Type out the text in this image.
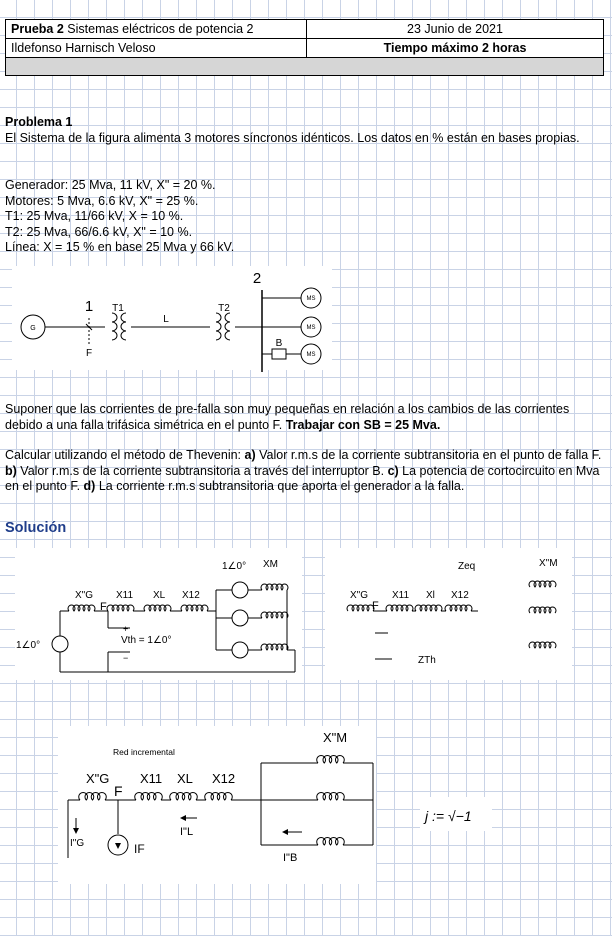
Prueba 2 Sistemas eléctricos de potencia 2	23 Junio de 2021
Ildefonso Harnisch Veloso	Tiempo máximo 2 horas

Problema 1
El Sistema de la figura alimenta 3 motores síncronos idénticos. Los datos en % están en bases propias.
Generador: 25 Mva, 11 kV, X" = 20 %.
Motores: 5 Mva, 6.6 kV, X" = 25 %.
T1: 25 Mva, 11/66 kV, X = 10 %.
T2: 25 Mva, 66/6.6 kV, X" = 10 %.
Línea: X = 15 % en base 25 Mva y 66 kV.
G
1
F
T1
L
T2
2
B
MS
MS
MS
Suponer que las corrientes de pre-falla son muy pequeñas en relación a los cambios de las corrientes debido a una falla trifásica simétrica en el punto F. Trabajar con SB = 25 Mva.
Calcular utilizando el método de Thevenin: a) Valor r.m.s de la corriente subtransitoria en el punto de falla F. b) Valor r.m.s de la corriente subtransitoria a través del interruptor B. c) La potencia de cortocircuito en Mva en el punto F. d) La corriente r.m.s subtransitoria que aporta el generador a la falla.
Solución
1∠0°
1∠0°
X"G X11 XL X12
XM
F
Vth = 1∠0°
+
−
Zeq	X"M
X"G X11 Xl X12
F
ZTh
Red incremental
X"M
X"G X11 XL X12
F
I"G	IF
I"L
I"B
j := √−1
